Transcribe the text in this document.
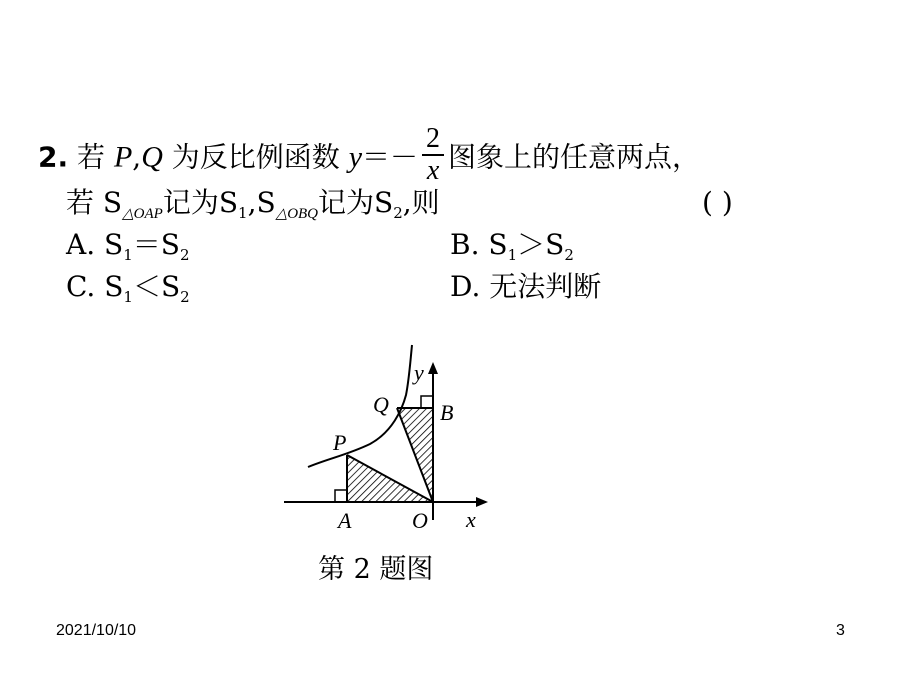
2. 若 P,Q 为反比例函数 $y=- \frac{2}{x}$ 图象上的任意两点，
若 $S_{\triangle OAP}$记为$S_1,S_{\triangle OBQ}$记为$S_2$,则	( )
A. $S_1=S_2$	B. $S_1>S_2$
C. $S_1<S_2$	D. 无法判断
y
x
O
A
B
P
Q
第 2 题图
2021/10/10	3
